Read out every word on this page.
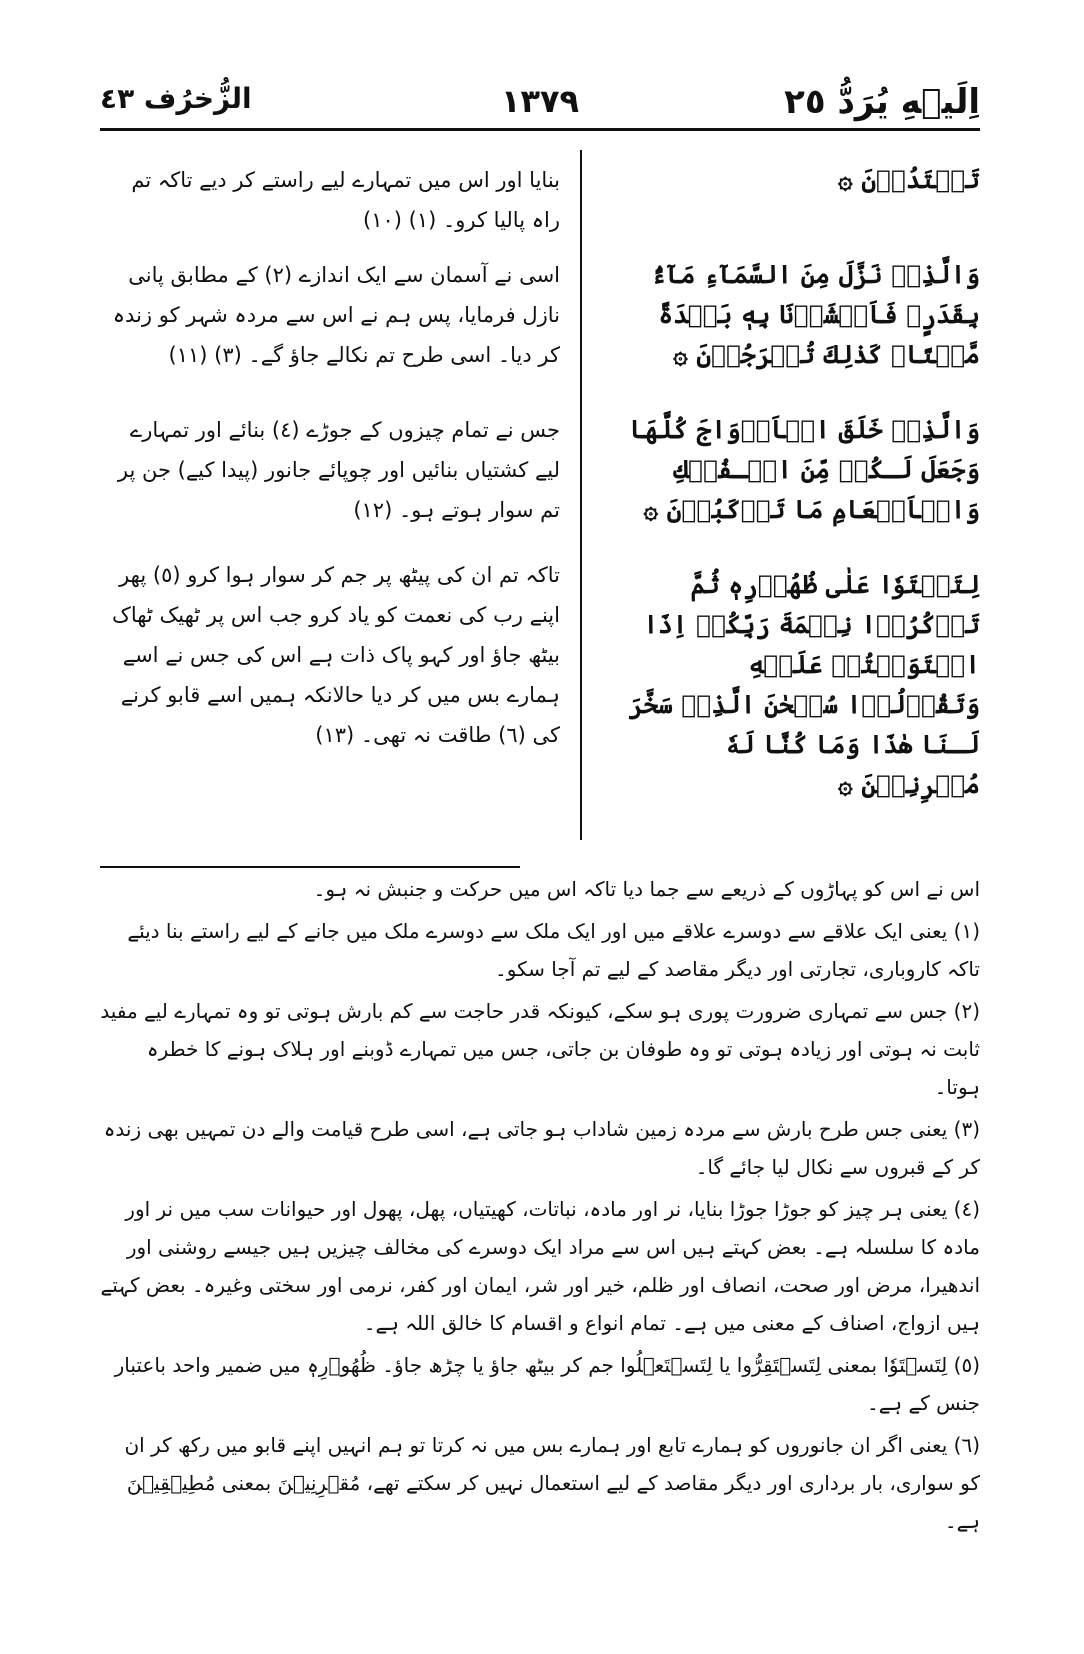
اِلَيۡهِ يُرَدُّ ٢٥
١٣٧٩
الزُّخرُف ٤٣
تَهۡتَدُوۡنَ ۞
وَالَّذِىۡ نَزَّلَ مِنَ السَّمَآءِ مَآءًۢ بِقَدَرٍ‌ۚ فَاَنۡشَرۡنَا بِهٖ بَلۡدَةً مَّيۡتًا‌ۚ كَذٰلِكَ تُخۡرَجُوۡنَ ۞
وَالَّذِىۡ خَلَقَ الۡاَزۡوَاجَ كُلَّهَا وَجَعَلَ لَـكُمۡ مِّنَ الۡـفُلۡكِ وَالۡاَنۡعَامِ مَا تَرۡكَبُوۡنَ ۞
لِتَسۡتَوٗا عَلٰى ظُهُوۡرِهٖ ثُمَّ تَذۡكُرُوۡا نِعۡمَةَ رَبِّكُمۡ اِذَا اسۡتَوَيۡتُمۡ عَلَيۡهِ وَتَقُوۡلُوۡا سُبۡحٰنَ الَّذِىۡ سَخَّرَ لَـنَا هٰذَا وَمَا كُنَّا لَهٗ مُقۡرِنِيۡنَ ۞
بنایا اور اس میں تمہارے لیے راستے کر دیے تاکہ تم راہ پالیا کرو۔ (١) (١٠)
اسی نے آسمان سے ایک اندازے (٢) کے مطابق پانی نازل فرمایا، پس ہم نے اس سے مردہ شہر کو زندہ کر دیا۔ اسی طرح تم نکالے جاؤ گے۔ (٣) (١١)
جس نے تمام چیزوں کے جوڑے (٤) بنائے اور تمہارے لیے کشتیاں بنائیں اور چوپائے جانور (پیدا کیے) جن پر تم سوار ہوتے ہو۔ (١٢)
تاکہ تم ان کی پیٹھ پر جم کر سوار ہوا کرو (٥) پھر اپنے رب کی نعمت کو یاد کرو جب اس پر ٹھیک ٹھاک بیٹھ جاؤ اور کہو پاک ذات ہے اس کی جس نے اسے ہمارے بس میں کر دیا حالانکہ ہمیں اسے قابو کرنے کی (٦) طاقت نہ تھی۔ (١٣)

اس نے اس کو پہاڑوں کے ذریعے سے جما دیا تاکہ اس میں حرکت و جنبش نہ ہو۔

(١) یعنی ایک علاقے سے دوسرے علاقے میں اور ایک ملک سے دوسرے ملک میں جانے کے لیے راستے بنا دیئے تاکہ کاروباری، تجارتی اور دیگر مقاصد کے لیے تم آجا سکو۔

(٢) جس سے تمہاری ضرورت پوری ہو سکے، کیونکہ قدر حاجت سے کم بارش ہوتی تو وہ تمہارے لیے مفید ثابت نہ ہوتی اور زیادہ ہوتی تو وہ طوفان بن جاتی، جس میں تمہارے ڈوبنے اور ہلاک ہونے کا خطرہ ہوتا۔

(٣) یعنی جس طرح بارش سے مردہ زمین شاداب ہو جاتی ہے، اسی طرح قیامت والے دن تمہیں بھی زندہ کر کے قبروں سے نکال لیا جائے گا۔

(٤) یعنی ہر چیز کو جوڑا جوڑا بنایا، نر اور مادہ، نباتات، کھیتیاں، پھل، پھول اور حیوانات سب میں نر اور مادہ کا سلسلہ ہے۔ بعض کہتے ہیں اس سے مراد ایک دوسرے کی مخالف چیزیں ہیں جیسے روشنی اور اندھیرا، مرض اور صحت، انصاف اور ظلم، خیر اور شر، ایمان اور کفر، نرمی اور سختی وغیرہ۔ بعض کہتے ہیں ازواج، اصناف کے معنی میں ہے۔ تمام انواع و اقسام کا خالق اللہ ہے۔

(٥) لِتَسۡتَوٗا بمعنی لِتَسۡتَقِرُّوا یا لِتَسۡتَعۡلُوا جم کر بیٹھ جاؤ یا چڑھ جاؤ۔ ظُهُوۡرِهٖ میں ضمیر واحد باعتبار جنس کے ہے۔

(٦) یعنی اگر ان جانوروں کو ہمارے تابع اور ہمارے بس میں نہ کرتا تو ہم انہیں اپنے قابو میں رکھ کر ان کو سواری، بار برداری اور دیگر مقاصد کے لیے استعمال نہیں کر سکتے تھے، مُقۡرِنِيۡنَ بمعنی مُطِيۡقِيۡنَ ہے۔
